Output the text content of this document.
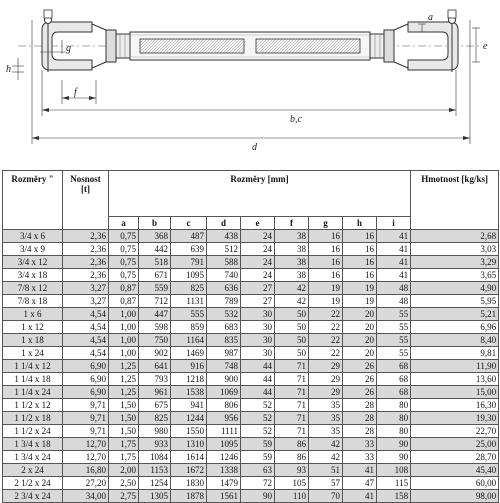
a
e
g
h
f
b,c
d
Rozměry "	Nosnost [t]	Rozměry [mm]									Hmotnost [kg/ks]
		a	b	c	d	e	f	g	h	i	
3/4 x 6	2,36	0,75	368	487	438	24	38	16	16	41	2,68
3/4 x 9	2,36	0,75	442	639	512	24	38	16	16	41	3,03
3/4 x 12	2,36	0,75	518	791	588	24	38	16	16	41	3,29
3/4 x 18	2,36	0,75	671	1095	740	24	38	16	16	41	3,65
7/8 x 12	3,27	0,87	559	825	636	27	42	19	19	48	4,90
7/8 x 18	3,27	0,87	712	1131	789	27	42	19	19	48	5,95
1 x 6	4,54	1,00	447	555	532	30	50	22	20	55	5,21
1 x 12	4,54	1,00	598	859	683	30	50	22	20	55	6,96
1 x 18	4,54	1,00	750	1164	835	30	50	22	20	55	8,40
1 x 24	4,54	1,00	902	1469	987	30	50	22	20	55	9,81
1 1/4 x 12	6,90	1,25	641	916	748	44	71	29	26	68	11,90
1 1/4 x 18	6,90	1,25	793	1218	900	44	71	29	26	68	13,60
1 1/4 x 24	6,90	1,25	961	1538	1069	44	71	29	26	68	15,00
1 1/2 x 12	9,71	1,50	675	941	806	52	71	35	28	80	16,30
1 1/2 x 18	9,71	1,50	825	1244	956	52	71	35	28	80	19,30
1 1/2 x 24	9,71	1,50	980	1550	1111	52	71	35	28	80	22,70
1 3/4 x 18	12,70	1,75	933	1310	1095	59	86	42	33	90	25,00
1 3/4 x 24	12,70	1,75	1084	1614	1246	59	86	42	33	90	28,70
2 x 24	16,80	2,00	1153	1672	1338	63	93	51	41	108	45,40
2 1/2 x 24	27,20	2,50	1254	1830	1479	72	105	57	47	115	60,00
2 3/4 x 24	34,00	2,75	1305	1878	1561	90	110	70	41	158	98,00
